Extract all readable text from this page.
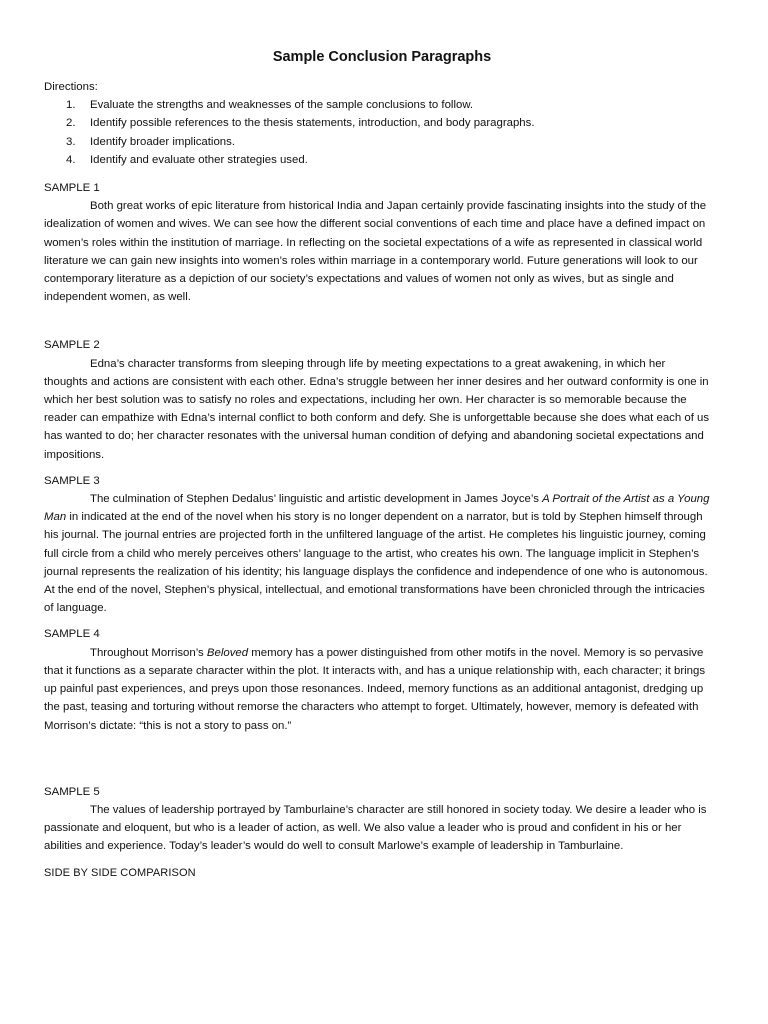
Sample Conclusion Paragraphs

Directions:

1.	Evaluate the strengths and weaknesses of the sample conclusions to follow.
2.	Identify possible references to the thesis statements, introduction, and body paragraphs.
3.	Identify broader implications.
4.	Identify and evaluate other strategies used.

SAMPLE 1

Both great works of epic literature from historical India and Japan certainly provide fascinating insights into the study of the idealization of women and wives. We can see how the different social conventions of each time and place have a defined impact on women’s roles within the institution of marriage. In reflecting on the societal expectations of a wife as represented in classical world literature we can gain new insights into women’s roles within marriage in a contemporary world. Future generations will look to our contemporary literature as a depiction of our society’s expectations and values of women not only as wives, but as single and independent women, as well.

SAMPLE 2

Edna’s character transforms from sleeping through life by meeting expectations to a great awakening, in which her thoughts and actions are consistent with each other. Edna’s struggle between her inner desires and her outward conformity is one in which her best solution was to satisfy no roles and expectations, including her own. Her character is so memorable because the reader can empathize with Edna’s internal conflict to both conform and defy. She is unforgettable because she does what each of us has wanted to do; her character resonates with the universal human condition of defying and abandoning societal expectations and impositions.

SAMPLE 3

The culmination of Stephen Dedalus’ linguistic and artistic development in James Joyce’s A Portrait of the Artist as a Young Man in indicated at the end of the novel when his story is no longer dependent on a narrator, but is told by Stephen himself through his journal. The journal entries are projected forth in the unfiltered language of the artist. He completes his linguistic journey, coming full circle from a child who merely perceives others’ language to the artist, who creates his own. The language implicit in Stephen’s journal represents the realization of his identity; his language displays the confidence and independence of one who is autonomous. At the end of the novel, Stephen’s physical, intellectual, and emotional transformations have been chronicled through the intricacies of language.

SAMPLE 4

Throughout Morrison’s Beloved memory has a power distinguished from other motifs in the novel. Memory is so pervasive that it functions as a separate character within the plot. It interacts with, and has a unique relationship with, each character; it brings up painful past experiences, and preys upon those resonances. Indeed, memory functions as an additional antagonist, dredging up the past, teasing and torturing without remorse the characters who attempt to forget. Ultimately, however, memory is defeated with Morrison’s dictate: “this is not a story to pass on.”

SAMPLE 5

The values of leadership portrayed by Tamburlaine’s character are still honored in society today. We desire a leader who is passionate and eloquent, but who is a leader of action, as well. We also value a leader who is proud and confident in his or her abilities and experience. Today’s leader’s would do well to consult Marlowe’s example of leadership in Tamburlaine.

SIDE BY SIDE COMPARISON
